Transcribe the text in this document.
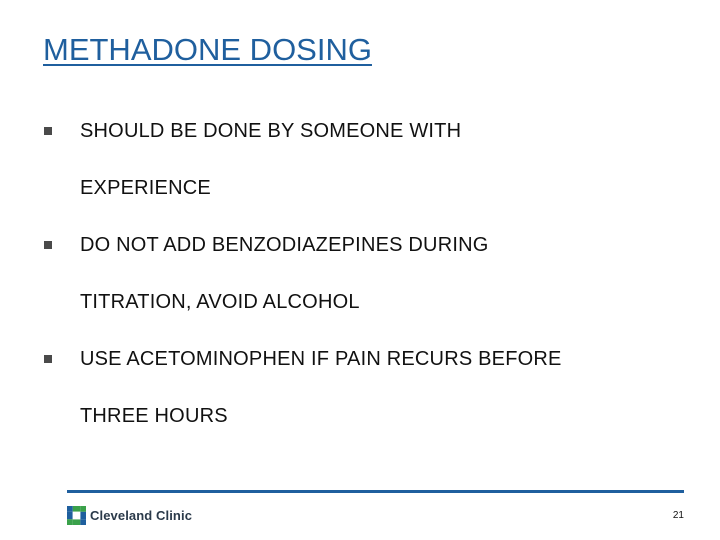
METHADONE DOSING
SHOULD BE DONE BY SOMEONE WITH
EXPERIENCE
DO NOT ADD BENZODIAZEPINES DURING
TITRATION, AVOID ALCOHOL
USE ACETOMINOPHEN IF PAIN RECURS BEFORE
THREE HOURS
Cleveland Clinic	21
